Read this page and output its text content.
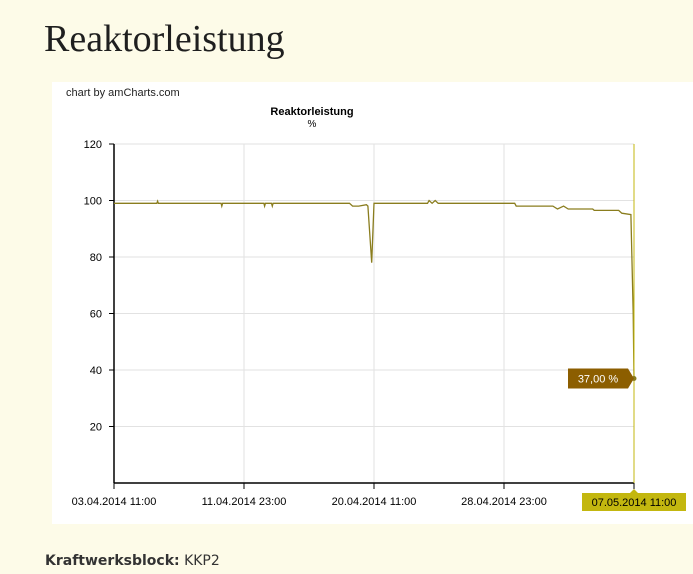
Reaktorleistung
chart by amCharts.com
Reaktorleistung
%
20
40
60
80
100
120
03.04.2014 11:00	11.04.2014 23:00	20.04.2014 11:00	28.04.2014 23:00
37,00 %
07.05.2014 11:00
Kraftwerksblock: KKP2
